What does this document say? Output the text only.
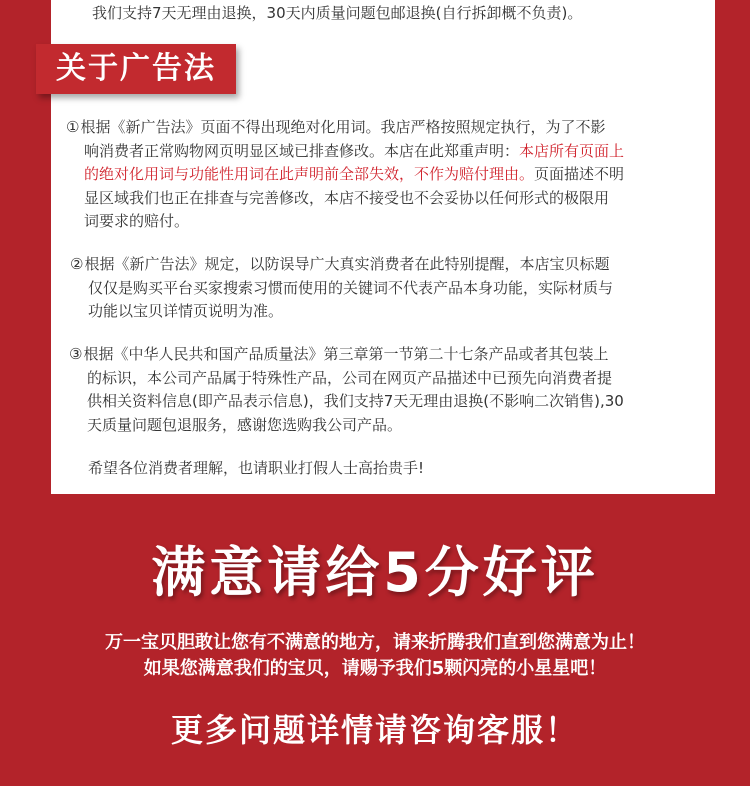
我们支持7天无理由退换，30天内质量问题包邮退换(自行拆卸概不负责)。
关于广告法
①根据《新广告法》页面不得出现绝对化用词。我店严格按照规定执行，为了不影
响消费者正常购物网页明显区域已排查修改。本店在此郑重声明：本店所有页面上
的绝对化用词与功能性用词在此声明前全部失效，不作为赔付理由。页面描述不明
显区域我们也正在排查与完善修改，本店不接受也不会妥协以任何形式的极限用
词要求的赔付。
②根据《新广告法》规定，以防误导广大真实消费者在此特别提醒，本店宝贝标题
仅仅是购买平台买家搜索习惯而使用的关键词不代表产品本身功能，实际材质与
功能以宝贝详情页说明为准。
③根据《中华人民共和国产品质量法》第三章第一节第二十七条产品或者其包装上
的标识，本公司产品属于特殊性产品，公司在网页产品描述中已预先向消费者提
供相关资料信息(即产品表示信息)，我们支持7天无理由退换(不影响二次销售),30
天质量问题包退服务，感谢您选购我公司产品。
希望各位消费者理解，也请职业打假人士高抬贵手!
满意请给5分好评
万一宝贝胆敢让您有不满意的地方，请来折腾我们直到您满意为止！
如果您满意我们的宝贝，请赐予我们5颗闪亮的小星星吧！
更多问题详情请咨询客服！
